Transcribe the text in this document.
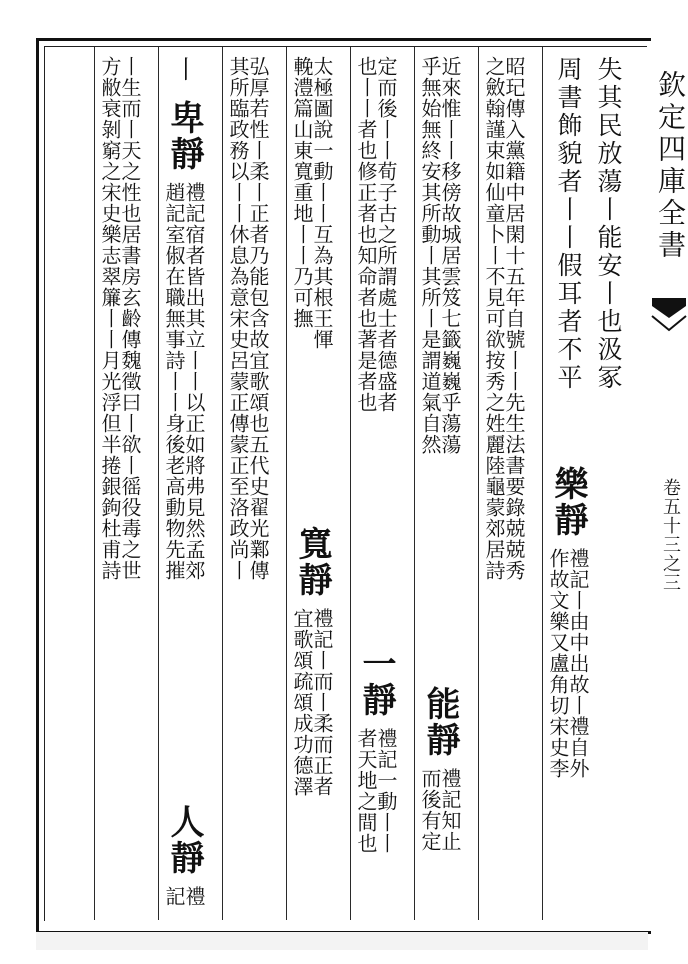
欽定四庫全書
卷五十三之三
失其民放蕩丨能安丨也汲冢
周書飾貌者丨丨假耳者不平
樂靜
禮記丨由中出故丨禮自外
作故文樂又盧角切宋史李
昭玘傳入黨籍中居閑十五年自號丨丨先生法書要錄兢兢秀
之斂翰謹束如仙童卜丨不見可欲按秀之姓麗陸龜蒙郊居詩
近來惟丨丨移傍故城居雲笈七籤巍巍乎蕩蕩
乎無始無終安其所動丨其所丨是謂道氣自然
能靜
禮記知止
而後有定
定而後丨丨荀子古之所謂處士者德盛者
也丨丨者也修正者也知命者也著是者也
一靜
禮記一動丨丨
者天地之間也
太極圖說一動丨丨互為其根王惲
輓澧篇山東寬重地丨丨乃可撫
寬靜
禮記丨而丨柔而正者
宜歌頌疏頌成功德澤
弘厚若性丨柔丨正者乃能包含故宜歌頌也五代史翟光鄴傳
其所臨政務以丨丨休息為意宋史呂蒙正傳蒙正至洛政尚丨
丨
卑靜
禮記宿者皆出其立丨丨以正如將弗見然孟郊
趙記室俶在職無事詩丨丨身後老高動物先摧
人靜
禮
記
丨生而丨天之性也居書房玄齡傳魏徵曰丨欲丨徭役毒之世
方敝衰剝窮之宋史樂志翠簾丨丨月光浮但半捲銀鉤杜甫詩
